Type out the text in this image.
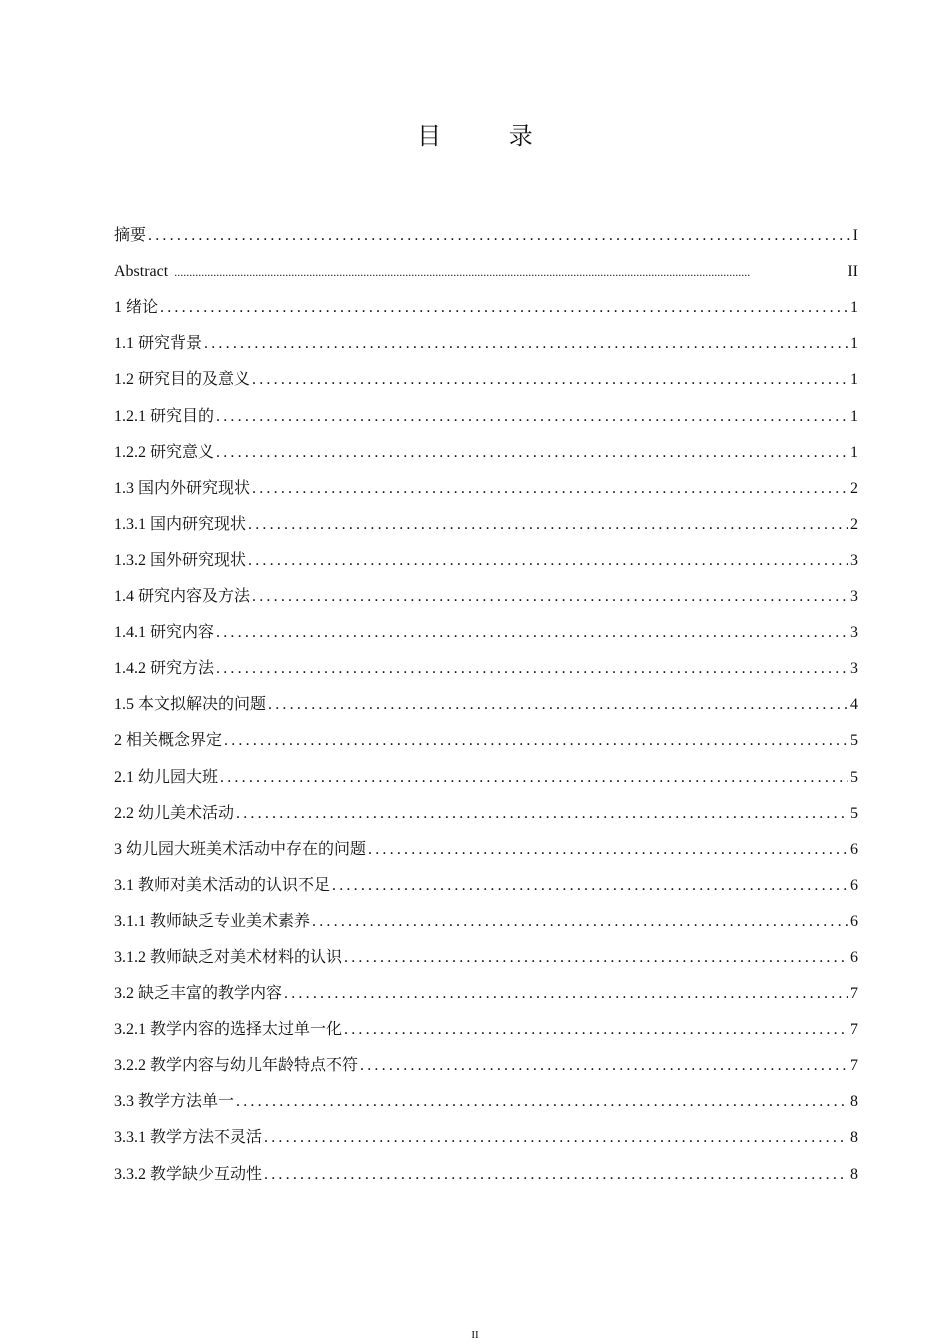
目 录
摘要 .....	I
Abstract .....	II
1 绪论 .....	1
1.1 研究背景 .....	1
1.2 研究目的及意义 .....	1
1.2.1 研究目的 .....	1
1.2.2 研究意义 .....	1
1.3 国内外研究现状 .....	2
1.3.1 国内研究现状 .....	2
1.3.2 国外研究现状 .....	3
1.4 研究内容及方法 .....	3
1.4.1 研究内容 .....	3
1.4.2 研究方法 .....	3
1.5 本文拟解决的问题 .....	4
2 相关概念界定 .....	5
2.1 幼儿园大班 .....	5
2.2 幼儿美术活动 .....	5
3 幼儿园大班美术活动中存在的问题 .....	6
3.1 教师对美术活动的认识不足 .....	6
3.1.1 教师缺乏专业美术素养 .....	6
3.1.2 教师缺乏对美术材料的认识 .....	6
3.2 缺乏丰富的教学内容 .....	7
3.2.1 教学内容的选择太过单一化 .....	7
3.2.2 教学内容与幼儿年龄特点不符 .....	7
3.3 教学方法单一 .....	8
3.3.1 教学方法不灵活 .....	8
3.3.2 教学缺少互动性 .....	8
II
